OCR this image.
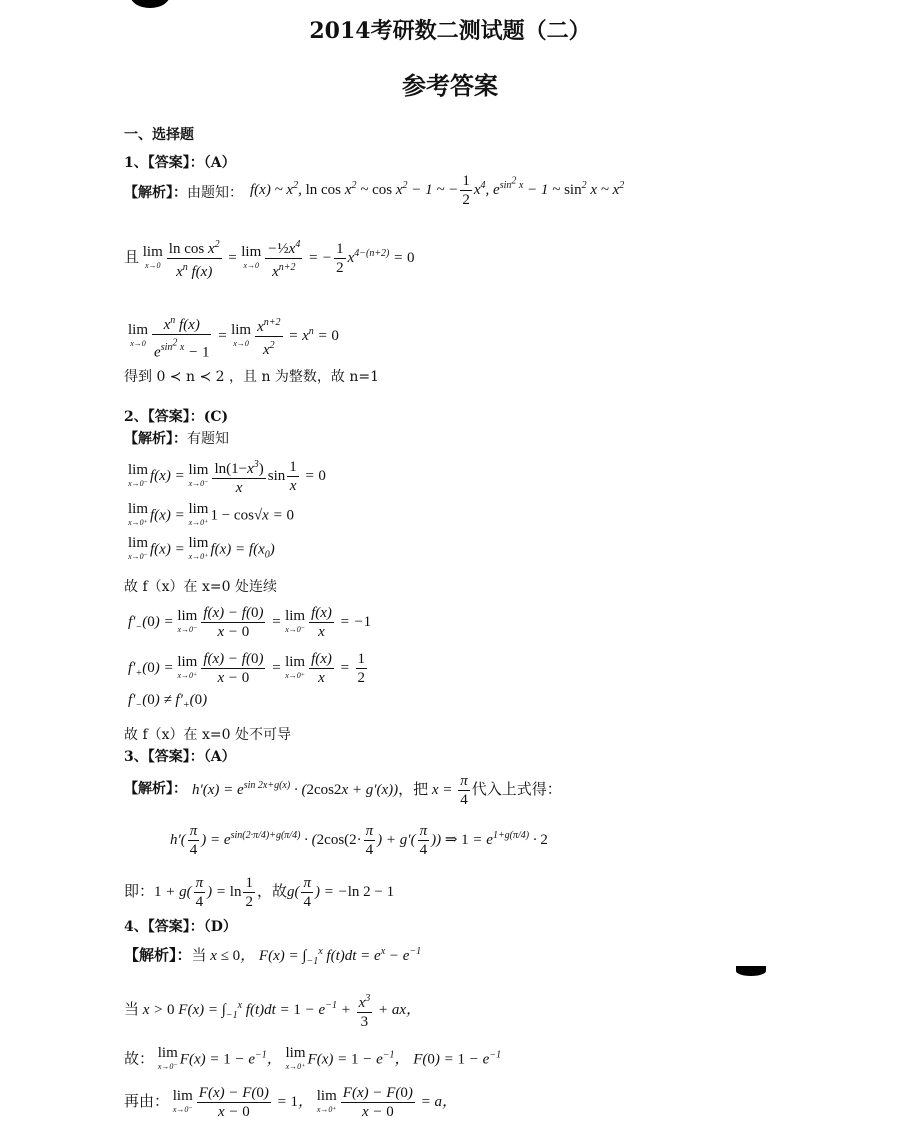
2014考研数二测试题（二）
参考答案
一、选择题
1、【答案】：（A）
【解析】：由题知： f(x) ~ $x^2$, $\ln \cos x^2$ ~ $\cos x^2 - 1$ ~ − $\frac{1}{2} x^4$, $e^{sin^2 x} - 1$ ~ $\sin^2 x$ ~ $x^2$
且 lim
$x\to 0 \frac{\ln \cos x^2}{x^n f(x)} = \lim$
$x\to 0 \frac{-\frac{1}{2}x^4}{x^{n+2}}$ = − $\frac{1}{2} x^{4-(n+2)} = 0$
lim
$x\to 0 \frac{x^n f(x)}{e^{sin^2 x} - 1} = \lim$
$x\to 0 \frac{x^{n+2}}{x^2} = x^n = 0$
得到 0 ≺ n ≺ 2 ，且 n 为整数，故 n=1
2、【答案】：(C)
【解析】：有题知
lim
x→0⁻ f(x) = lim
$x\to 0^- \frac{\ln(1-x^3)}{x}$ $\sin \frac{1}{x} = 0$
lim
x→0⁺ f(x) = lim
x→0⁺ 1 − cos√x = 0
lim
x→0⁻ f(x) = lim
x→0⁺ $f(x) = f(x_0)$
故 f（x）在 x=0 处连续
$f'_-(0) = \lim$
$x\to 0^- \frac{f(x) - f(0)}{x - 0} = \lim$
$x\to 0^- \frac{f(x)}{x} = -1$
$f'_+(0) = \lim$
$x\to 0^+ \frac{f(x) - f(0)}{x - 0} = \lim$
$x\to 0^+ \frac{f(x)}{x} = \frac{1}{2}$
$f'_-(0) \ne f'_+(0)$
故 f（x）在 x=0 处不可导
3、【答案】：（A）
【解析】： $h'(x) = e^{sin 2x+g(x)} \cdot (2\cos 2x + g'(x))$，把 $x = \frac{\pi}{4}$ 代入上式得：
$h'( \frac{\pi}{4}$ ) = $e^{sin(2\cdot\pi/4)+g(\pi/4)} \cdot (2\cos(2\cdot \frac{\pi}{4}$ ) + $g'( \frac{\pi}{4}$ )) ⇒ $1 = e^{1+g(\pi/4)} \cdot 2$
即：$1 + g( \frac{\pi}{4}$ ) = $\ln \frac{1}{2}$ ，故$g( \frac{\pi}{4}$ ) = −ln 2 − 1
4、【答案】：（D）
【解析】：当 x ≤ 0， $F(x) = \int_{-1}^x$ $f(t)dt = e^x - e^{-1}$
当 x > 0 $F(x) = \int_{-1}^x$ $f(t)dt = 1 - e^{-1} + \frac{x^3}{3}$ + ax，
故： lim
x→0⁻ $F(x) = 1 - e^{-1}$， lim
x→0⁺ $F(x) = 1 - e^{-1}$， $F(0) = 1 - e^{-1}$
再由： lim
$x\to 0^- \frac{F(x) - F(0)}{x - 0} = 1$， lim
$x\to 0^+ \frac{F(x) - F(0)}{x - 0} = a$，
